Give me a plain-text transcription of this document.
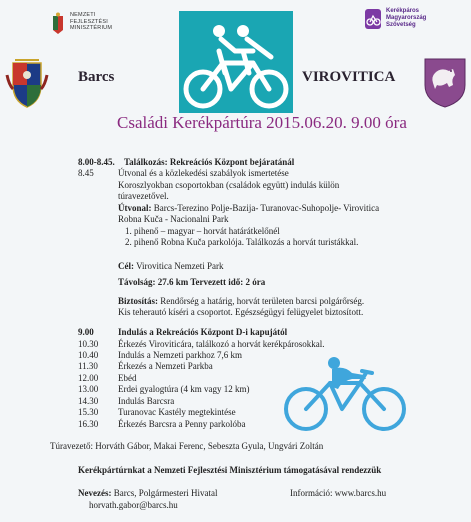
NEMZETI
FEJLESZTÉSI
MINISZTÉRIUM
Kerékpáros
Magyarország
Szövetség
Barcs	VIROVITICA
Családi Kerékpártúra 2015.06.20. 9.00 óra
8.00-8.45. Találkozás: Rekreációs Központ bejáratánál
8.45	Útvonal és a közlekedési szabályok ismertetése
Koroszlyokban csoportokban (családok együtt) indulás külön
túravezetővel.
Útvonal: Barcs-Terezino Polje-Bazija- Turanovac-Suhopolje- Virovitica
Robna Kuča - Nacionalni Park
1. pihenő – magyar – horvát határátkelőnél
2. pihenő Robna Kuča parkolója. Találkozás a horvát turistákkal.
Cél: Virovitica Nemzeti Park
Távolság: 27.6 km Tervezett idő: 2 óra
Biztosítás: Rendőrség a határig, horvát területen barcsi polgárőrség.
Kis teherautó kíséri a csoportot. Egészségügyi felügyelet biztosított.
9.00	Indulás a Rekreációs Központ D-i kapujától
10.30 Érkezés Viroviticára, találkozó a horvát kerékpárosokkal.
10.40 Indulás a Nemzeti parkhoz 7,6 km
11.30 Érkezés a Nemzeti Parkba
12.00 Ebéd
13.00 Erdei gyalogtúra (4 km vagy 12 km)
14.30 Indulás Barcsra
15.30 Turanovac Kastély megtekintése
16.30 Érkezés Barcsra a Penny parkolóba
Túravezető: Horváth Gábor, Makai Ferenc, Sebeszta Gyula, Ungvári Zoltán
Kerékpártúrnkat a Nemzeti Fejlesztési Minisztérium támogatásával rendezzük
Nevezés: Barcs, Polgármesteri Hivatal
horvath.gabor@barcs.hu
Információ: www.barcs.hu
